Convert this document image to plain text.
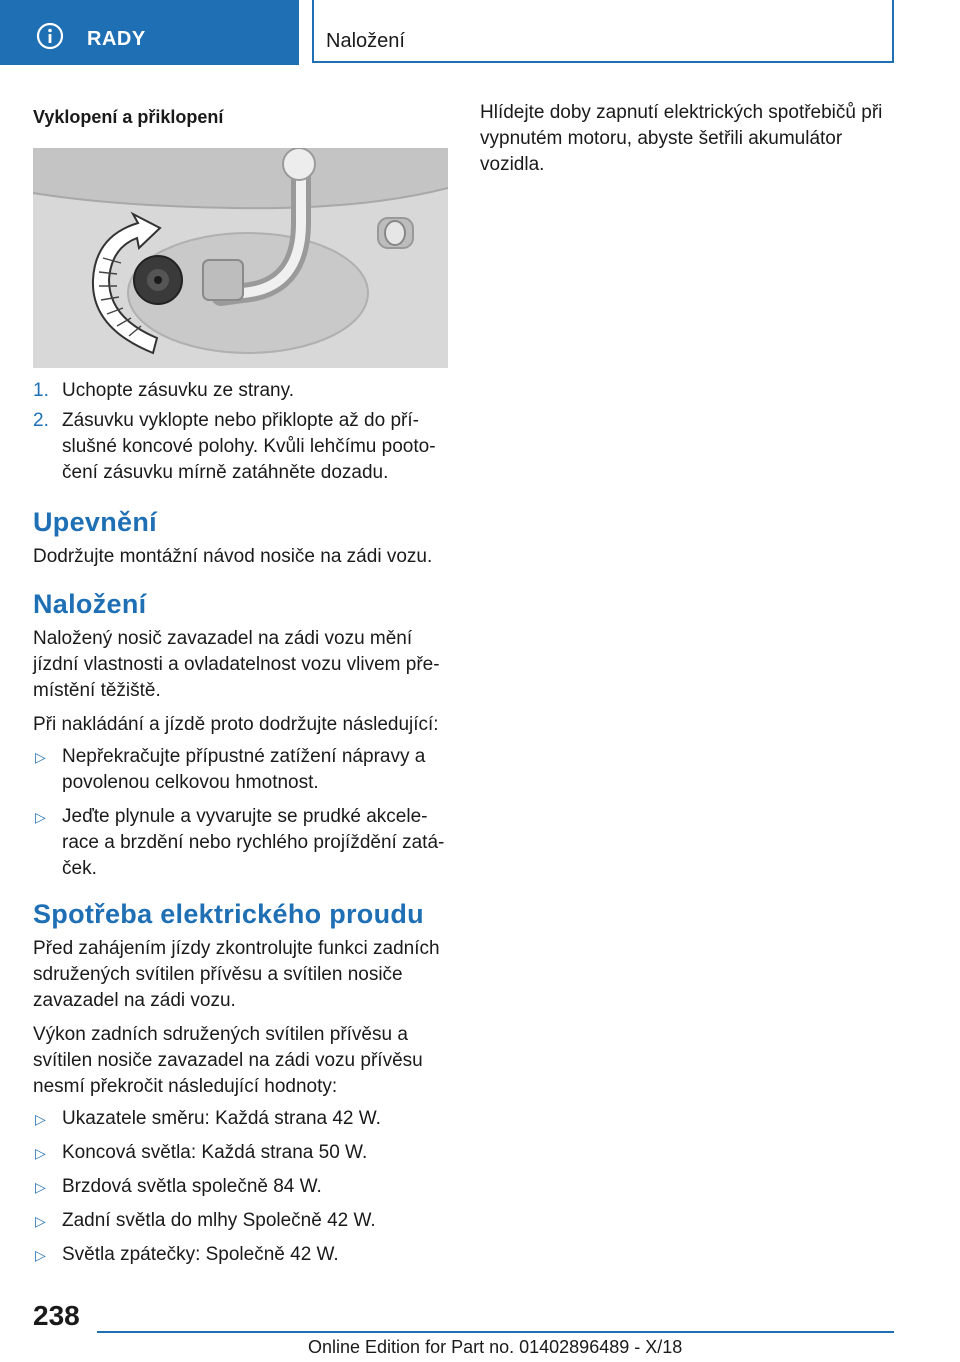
RADY	Naložení

Vyklopení a přiklopení

1. Uchopte zásuvku ze strany.
2. Zásuvku vyklopte nebo přiklopte až do příslušné koncové polohy. Kvůli lehčímu pootočení zásuvku mírně zatáhněte dozadu.
Upevnění

Dodržujte montážní návod nosiče na zádi vozu.

Naložení

Naložený nosič zavazadel na zádi vozu mění jízdní vlastnosti a ovladatelnost vozu vlivem přemístění těžiště.

Při nakládání a jízdě proto dodržujte následující:

▷ Nepřekračujte přípustné zatížení nápravy a povolenou celkovou hmotnost.
▷ Jeďte plynule a vyvarujte se prudké akcelerace a brzdění nebo rychlého projíždění zatáček.
Spotřeba elektrického proudu

Před zahájením jízdy zkontrolujte funkci zadních sdružených svítilen přívěsu a svítilen nosiče zavazadel na zádi vozu.

Výkon zadních sdružených svítilen přívěsu a svítilen nosiče zavazadel na zádi vozu přívěsu nesmí překročit následující hodnoty:

▷ Ukazatele směru: Každá strana 42 W.
▷ Koncová světla: Každá strana 50 W.
▷ Brzdová světla společně 84 W.
▷ Zadní světla do mlhy Společně 42 W.
▷ Světla zpátečky: Společně 42 W.

Hlídejte doby zapnutí elektrických spotřebičů při vypnutém motoru, abyste šetřili akumulátor vozidla.

238
Online Edition for Part no. 01402896489 - X/18
